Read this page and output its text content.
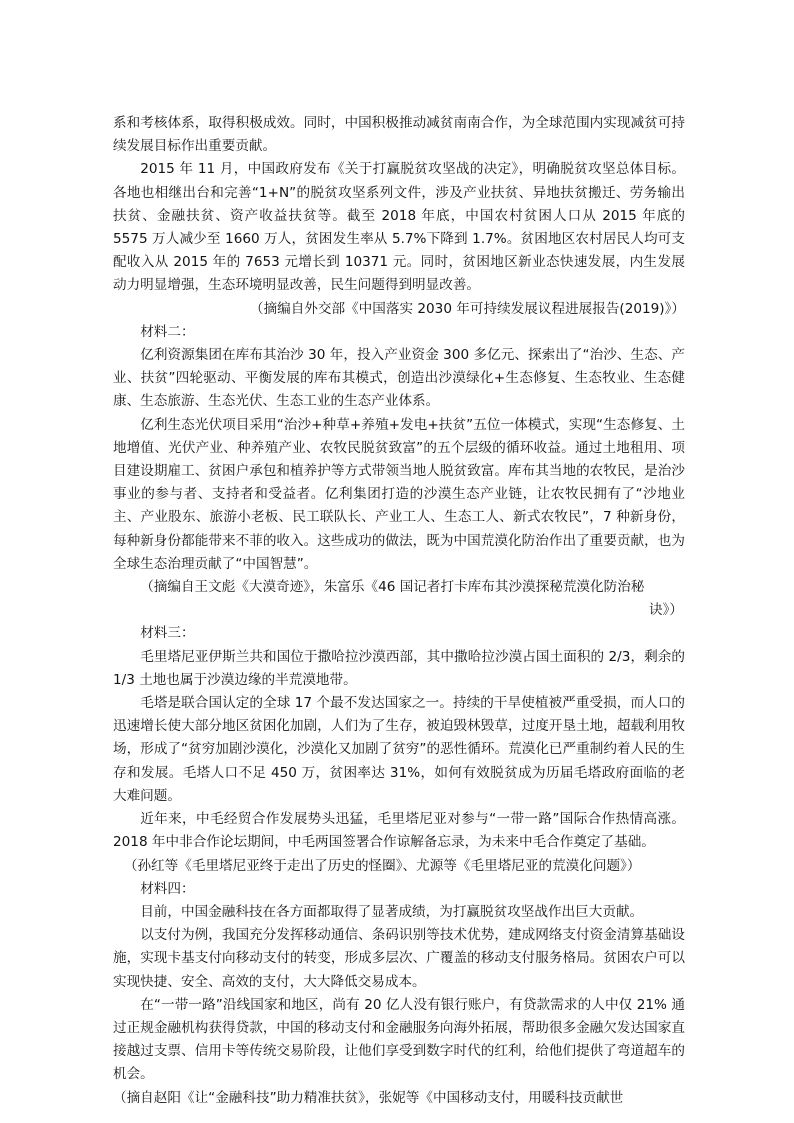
系和考核体系，取得积极成效。同时，中国积极推动减贫南南合作，为全球范围内实现减贫可持续发展目标作出重要贡献。

2015 年 11 月，中国政府发布《关于打赢脱贫攻坚战的决定》，明确脱贫攻坚总体目标。各地也相继出台和完善“1+N”的脱贫攻坚系列文件，涉及产业扶贫、异地扶贫搬迁、劳务输出扶贫、金融扶贫、资产收益扶贫等。截至 2018 年底，中国农村贫困人口从 2015 年底的 5575 万人减少至 1660 万人，贫困发生率从 5.7%下降到 1.7%。贫困地区农村居民人均可支配收入从 2015 年的 7653 元增长到 10371 元。同时，贫困地区新业态快速发展，内生发展动力明显增强，生态环境明显改善，民生问题得到明显改善。

（摘编自外交部《中国落实 2030 年可持续发展议程进展报告(2019)》）

材料二：

亿利资源集团在库布其治沙 30 年，投入产业资金 300 多亿元、探索出了“治沙、生态、产业、扶贫”四轮驱动、平衡发展的库布其模式，创造出沙漠绿化+生态修复、生态牧业、生态健康、生态旅游、生态光伏、生态工业的生态产业体系。

亿利生态光伏项目采用“治沙+种草+养殖+发电+扶贫”五位一体模式，实现“生态修复、土地增值、光伏产业、种养殖产业、农牧民脱贫致富”的五个层级的循环收益。通过土地租用、项目建设期雇工、贫困户承包和植养护等方式带领当地人脱贫致富。库布其当地的农牧民，是治沙事业的参与者、支持者和受益者。亿利集团打造的沙漠生态产业链，让农牧民拥有了“沙地业主、产业股东、旅游小老板、民工联队长、产业工人、生态工人、新式农牧民”，7 种新身份，每种新身份都能带来不菲的收入。这些成功的做法，既为中国荒漠化防治作出了重要贡献，也为全球生态治理贡献了“中国智慧”。

（摘编自王文彪《大漠奇迹》，朱富乐《46 国记者打卡库布其沙漠探秘荒漠化防治秘

诀》）

材料三：

毛里塔尼亚伊斯兰共和国位于撒哈拉沙漠西部，其中撒哈拉沙漠占国土面积的 2/3，剩余的 1/3 土地也属于沙漠边缘的半荒漠地带。

毛塔是联合国认定的全球 17 个最不发达国家之一。持续的干旱使植被严重受损，而人口的迅速增长使大部分地区贫困化加剧，人们为了生存，被迫毁林毁草，过度开垦土地，超载利用牧场，形成了“贫穷加剧沙漠化，沙漠化又加剧了贫穷”的恶性循环。荒漠化已严重制约着人民的生存和发展。毛塔人口不足 450 万，贫困率达 31%，如何有效脱贫成为历届毛塔政府面临的老大难问题。

近年来，中毛经贸合作发展势头迅猛，毛里塔尼亚对参与“一带一路”国际合作热情高涨。2018 年中非合作论坛期间，中毛两国签署合作谅解备忘录，为未来中毛合作奠定了基础。

（孙红等《毛里塔尼亚终于走出了历史的怪圈》、尤源等《毛里塔尼亚的荒漠化问题》）

材料四：

目前，中国金融科技在各方面都取得了显著成绩，为打赢脱贫攻坚战作出巨大贡献。

以支付为例，我国充分发挥移动通信、条码识别等技术优势，建成网络支付资金清算基础设施，实现卡基支付向移动支付的转变，形成多层次、广覆盖的移动支付服务格局。贫困农户可以实现快捷、安全、高效的支付，大大降低交易成本。

在“一带一路”沿线国家和地区，尚有 20 亿人没有银行账户，有贷款需求的人中仅 21% 通过正规金融机构获得贷款，中国的移动支付和金融服务向海外拓展，帮助很多金融欠发达国家直接越过支票、信用卡等传统交易阶段，让他们享受到数字时代的红利，给他们提供了弯道超车的机会。

（摘自赵阳《让“金融科技”助力精准扶贫》，张妮等《中国移动支付，用暖科技贡献世
